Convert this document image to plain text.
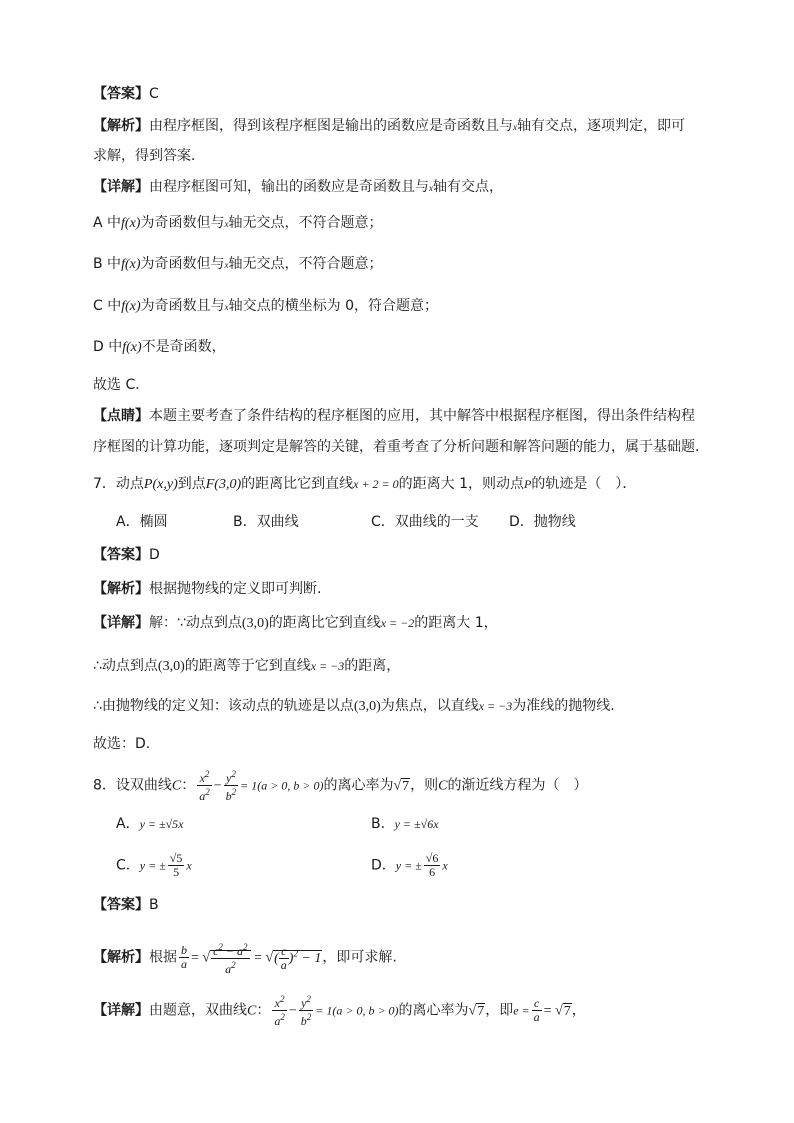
【答案】C
【解析】由程序框图，得到该程序框图是输出的函数应是奇函数且与x轴有交点，逐项判定，即可
求解，得到答案．
【详解】由程序框图可知，输出的函数应是奇函数且与x轴有交点，
A 中f(x)为奇函数但与x轴无交点，不符合题意；
B 中f(x)为奇函数但与x轴无交点，不符合题意；
C 中f(x)为奇函数且与x轴交点的横坐标为 0，符合题意；
D 中f(x)不是奇函数，
故选 C．
【点睛】本题主要考查了条件结构的程序框图的应用，其中解答中根据程序框图，得出条件结构程
序框图的计算功能，逐项判定是解答的关键，着重考查了分析问题和解答问题的能力，属于基础题．
7．动点P(x,y)到点F(3,0)的距离比它到直线x + 2 = 0的距离大 1，则动点P的轨迹是（　）．
A．椭圆	B．双曲线	C．双曲线的一支 D．抛物线
【答案】D
【解析】根据抛物线的定义即可判断.
【详解】解：∵动点到点(3,0)的距离比它到直线x = −2的距离大 1，
∴动点到点(3,0)的距离等于它到直线x = −3的距离，
∴由抛物线的定义知：该动点的轨迹是以点(3,0)为焦点，以直线x = −3为准线的抛物线.
故选：D.
8．设双曲线C： $\frac{x^2}{a^2} - \frac{y^2}{b^2} = 1(a > 0$, b > 0)的离心率为√7，则C的渐近线方程为（　）
A．y = ±√5x	B．y = ±√6x
C．y = ± $\frac{√5}{5}$ x	D．y = ± $\frac{√6}{6}$ x
【答案】B
【解析】根据 $\frac{b}{a}$ = √ $\frac{c^2 - a^2}{a^2}$ = √( $\frac{c}{a} )^2 - 1$，即可求解.
【详解】由题意，双曲线C： $\frac{x^2}{a^2} - \frac{y^2}{b^2} = 1(a > 0$, b > 0)的离心率为√7，即$e = \frac{c}{a} = √7$，
